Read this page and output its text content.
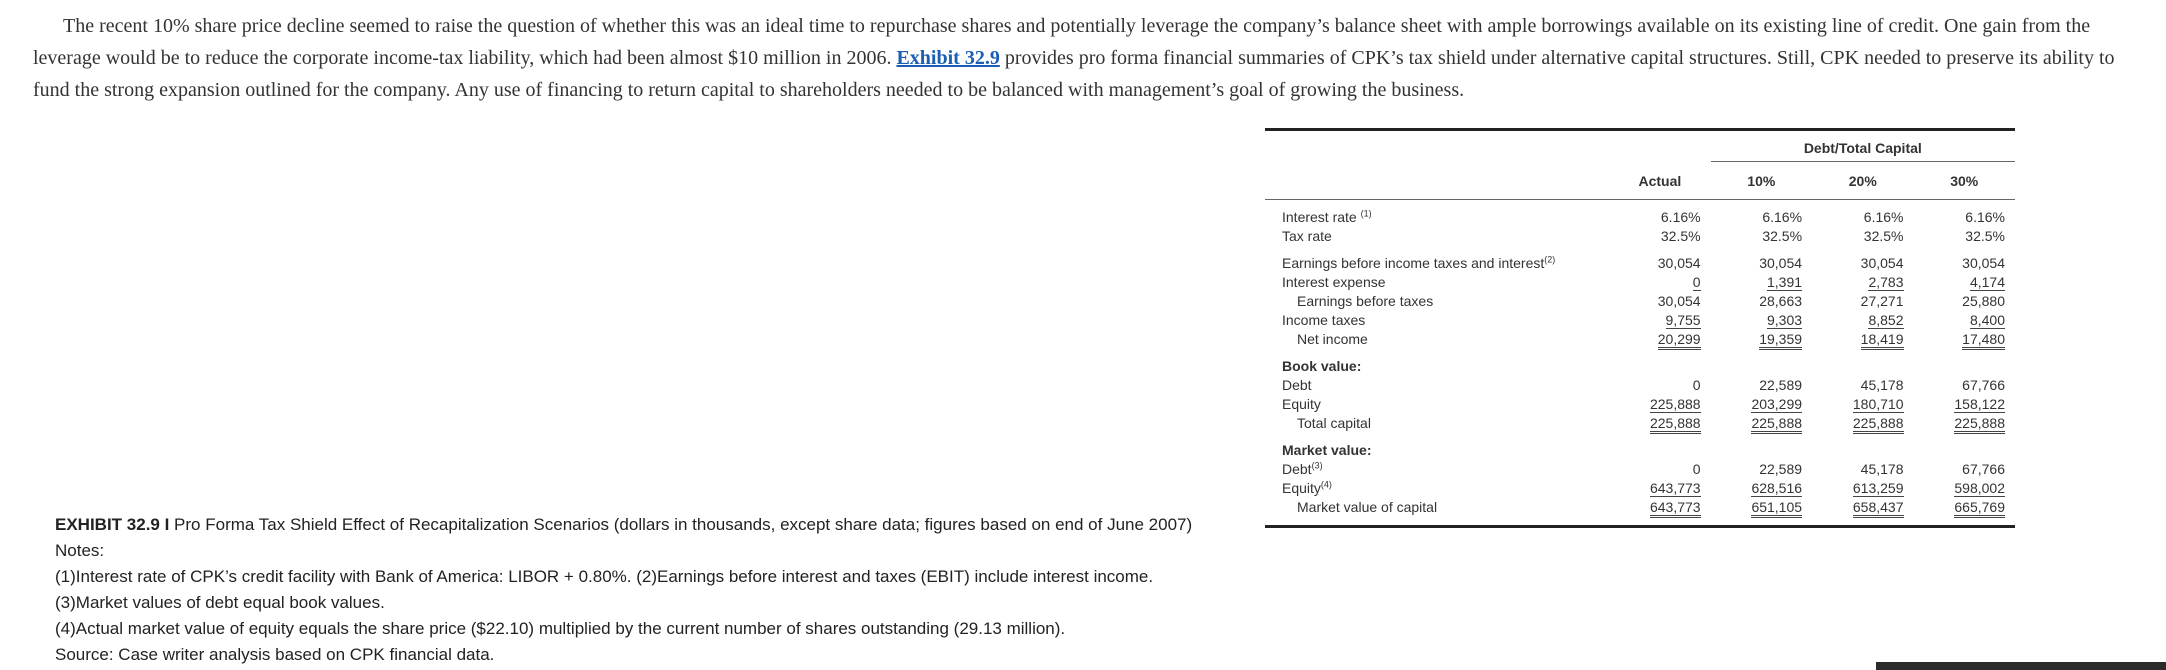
The recent 10% share price decline seemed to raise the question of whether this was an ideal time to repurchase shares and potentially leverage the company’s balance sheet with ample borrowings available on its existing line of credit. One gain from the leverage would be to reduce the corporate income-tax liability, which had been almost $10 million in 2006. Exhibit 32.9 provides pro forma financial summaries of CPK’s tax shield under alternative capital structures. Still, CPK needed to preserve its ability to fund the strong expansion outlined for the company. Any use of financing to return capital to shareholders needed to be balanced with management’s goal of growing the business.

		Debt/Total Capital		
	Actual	10%	20%	30%

Interest rate $^{(1)}$	6.16%	6.16%	6.16%	6.16%
Tax rate	32.5%	32.5%	32.5%	32.5%

Earnings before income taxes and interest$^{(2)}$	30,054	30,054	30,054	30,054
Interest expense	0	1,391	2,783	4,174
Earnings before taxes	30,054	28,663	27,271	25,880
Income taxes	9,755	9,303	8,852	8,400
Net income	20,299	19,359	18,419	17,480

Book value:				
Debt	0	22,589	45,178	67,766
Equity	225,888	203,299	180,710	158,122
Total capital	225,888	225,888	225,888	225,888

Market value:				
Debt$^{(3)}$	0	22,589	45,178	67,766
Equity$^{(4)}$	643,773	628,516	613,259	598,002
Market value of capital	643,773	651,105	658,437	665,769

EXHIBIT 32.9 I Pro Forma Tax Shield Effect of Recapitalization Scenarios (dollars in thousands, except share data; figures based on end of June 2007)
Notes:
(1)Interest rate of CPK’s credit facility with Bank of America: LIBOR + 0.80%. (2)Earnings before interest and taxes (EBIT) include interest income.
(3)Market values of debt equal book values.
(4)Actual market value of equity equals the share price ($22.10) multiplied by the current number of shares outstanding (29.13 million).
Source: Case writer analysis based on CPK financial data.
